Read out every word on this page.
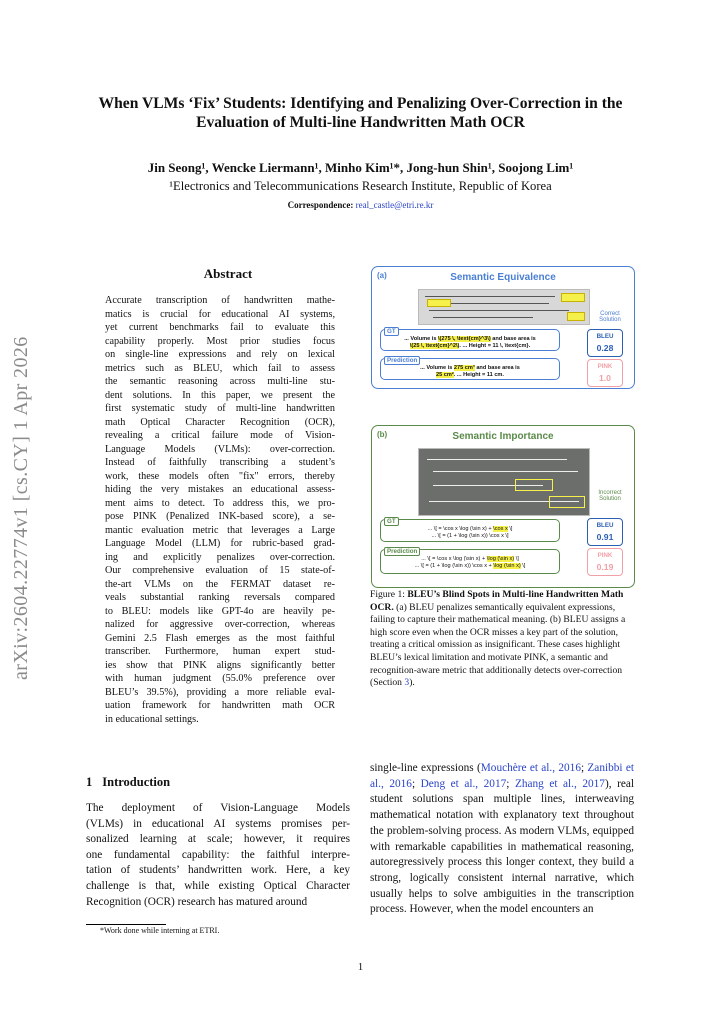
When VLMs ‘Fix’ Students: Identifying and Penalizing Over-Correction in the Evaluation of Multi-line Handwritten Math OCR
Jin Seong¹, Wencke Liermann¹, Minho Kim¹*, Jong-hun Shin¹, Soojong Lim¹
¹Electronics and Telecommunications Research Institute, Republic of Korea
Correspondence: real_castle@etri.re.kr
arXiv:2604.22774v1 [cs.CY] 1 Apr 2026
Abstract
Accurate transcription of handwritten mathe-
matics is crucial for educational AI systems,
yet current benchmarks fail to evaluate this
capability properly. Most prior studies focus
on single-line expressions and rely on lexical
metrics such as BLEU, which fail to assess
the semantic reasoning across multi-line stu-
dent solutions. In this paper, we present the
first systematic study of multi-line handwritten
math Optical Character Recognition (OCR),
revealing a critical failure mode of Vision-
Language Models (VLMs): over-correction.
Instead of faithfully transcribing a student’s
work, these models often "fix" errors, thereby
hiding the very mistakes an educational assess-
ment aims to detect. To address this, we pro-
pose PINK (Penalized INK-based score), a se-
mantic evaluation metric that leverages a Large
Language Model (LLM) for rubric-based grad-
ing and explicitly penalizes over-correction.
Our comprehensive evaluation of 15 state-of-
the-art VLMs on the FERMAT dataset re-
veals substantial ranking reversals compared
to BLEU: models like GPT-4o are heavily pe-
nalized for aggressive over-correction, whereas
Gemini 2.5 Flash emerges as the most faithful
transcriber. Furthermore, human expert stud-
ies show that PINK aligns significantly better
with human judgment (55.0% preference over
BLEU’s 39.5%), providing a more reliable eval-
uation framework for handwritten math OCR
in educational settings.
1 Introduction
The deployment of Vision-Language Models
(VLMs) in educational AI systems promises per-
sonalized learning at scale; however, it requires
one fundamental capability: the faithful interpre-
tation of students’ handwritten work. Here, a key
challenge is that, while existing Optical Character
Recognition (OCR) research has matured around
*Work done while interning at ETRI.
(a)	Semantic Equivalence
Correct Solution
Prediction
... Volume is 275 cm³ and base area is
25 cm². ... Height = 11 cm.
GT
... Volume is \(275 \, \text{cm}^3\) and base area is
\(25 \, \text{cm}^2\). ... Height = 11 \, \text{cm}.
BLEU
0.28
PINK
1.0
(b)	Semantic Importance
Incorrect Solution
GT
... \[ = \cos x \log (\sin x) + \cos x \]
... \[ = (1 + \log (\sin x)) \cos x \]
Prediction
... \[ = \cos x \log (\sin x) + \log (\sin x) \]
... \[ = (1 + \log (\sin x)) \cos x + \log (\sin x) \]
BLEU
0.91
PINK
0.19
Figure 1: BLEU’s Blind Spots in Multi-line Handwritten Math OCR. (a) BLEU penalizes semantically equivalent expressions, failing to capture their mathematical meaning. (b) BLEU assigns a high score even when the OCR misses a key part of the solution, treating a critical omission as insignificant. These cases highlight BLEU’s lexical limitation and motivate PINK, a semantic and recognition-aware metric that additionally detects over-correction (Section 3).
single-line expressions (Mouchère et al., 2016; Zanibbi et al., 2016; Deng et al., 2017; Zhang et al., 2017), real student solutions span multiple lines, interweaving mathematical notation with explanatory text throughout the problem-solving process. As modern VLMs, equipped with remarkable capabilities in mathematical reasoning, autoregressively process this longer context, they build a strong, logically consistent internal narrative, which usually helps to solve ambiguities in the transcription process. However, when the model encounters an
1
